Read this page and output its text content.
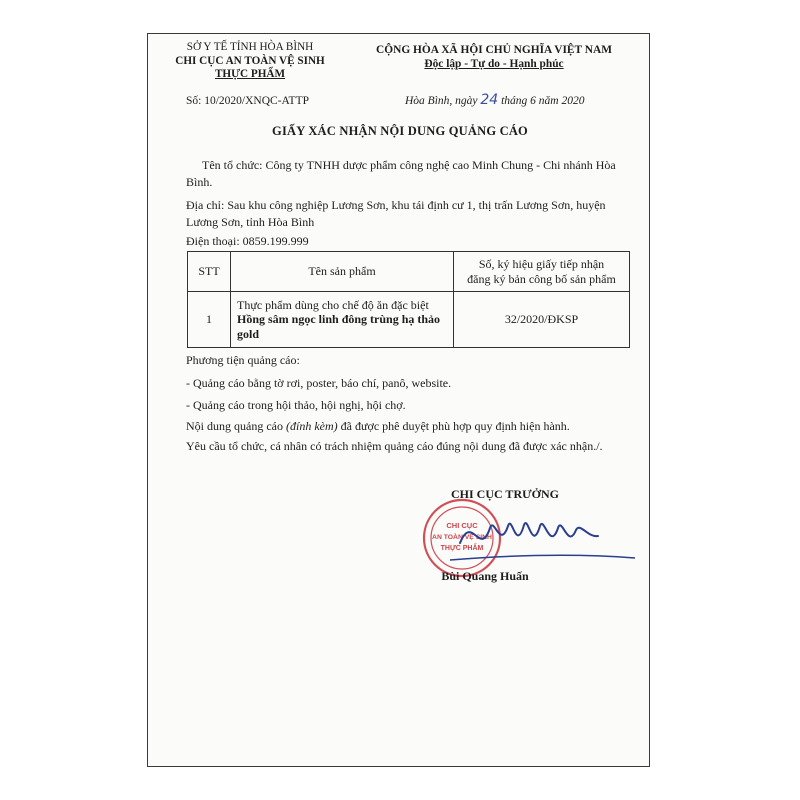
SỞ Y TẾ TỈNH HÒA BÌNH
CHI CỤC AN TOÀN VỆ SINH
THỰC PHẨM
Số: 10/2020/XNQC-ATTP
CỘNG HÒA XÃ HỘI CHỦ NGHĨA VIỆT NAM
Độc lập - Tự do - Hạnh phúc
Hòa Bình, ngày 24 tháng 6 năm 2020
GIẤY XÁC NHẬN NỘI DUNG QUẢNG CÁO
Tên tổ chức: Công ty TNHH dược phẩm công nghệ cao Minh Chung - Chi nhánh Hòa Bình.
Địa chỉ: Sau khu công nghiệp Lương Sơn, khu tái định cư 1, thị trấn Lương Sơn, huyện Lương Sơn, tỉnh Hòa Bình
Điện thoại: 0859.199.999
STT	Tên sản phẩm	Số, ký hiệu giấy tiếp nhận đăng ký bản công bố sản phẩm
1	Thực phẩm dùng cho chế độ ăn đặc biệt Hồng sâm ngọc linh đông trùng hạ thảo gold	32/2020/ĐKSP
Phương tiện quảng cáo:
- Quảng cáo bằng tờ rơi, poster, báo chí, panô, website.
- Quảng cáo trong hội thảo, hội nghị, hội chợ.
Nội dung quảng cáo (đính kèm) đã được phê duyệt phù hợp quy định hiện hành.
Yêu cầu tổ chức, cá nhân có trách nhiệm quảng cáo đúng nội dung đã được xác nhận./.
CHI CỤC TRƯỞNG
CHI CỤC
AN TOÀN VỆ SINH
THỰC PHẨM
Bùi Quang Huấn
